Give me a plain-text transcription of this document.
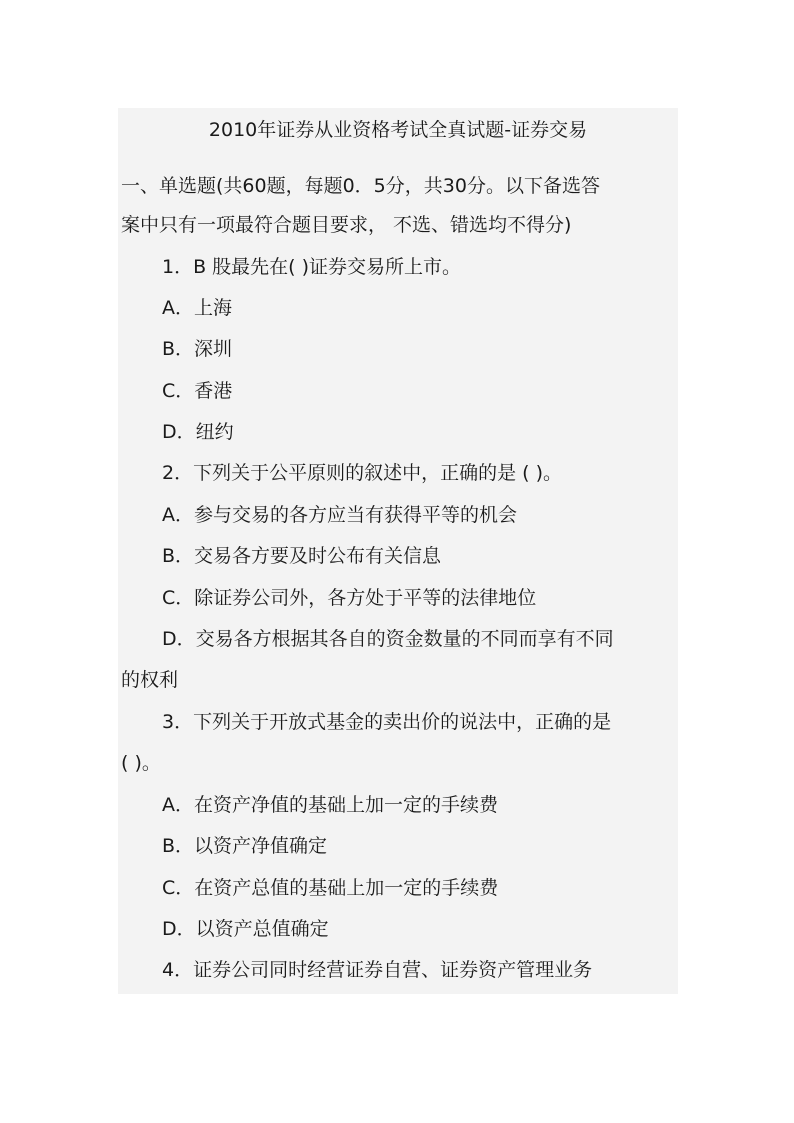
2010年证券从业资格考试全真试题-证券交易
一、单选题(共60题，每题0．5分，共30分。以下备选答
案中只有一项最符合题目要求， 不选、错选均不得分)
1．B 股最先在( )证券交易所上市。
A．上海
B．深圳
C．香港
D．纽约
2．下列关于公平原则的叙述中，正确的是 ( )。
A．参与交易的各方应当有获得平等的机会
B．交易各方要及时公布有关信息
C．除证券公司外，各方处于平等的法律地位
D．交易各方根据其各自的资金数量的不同而享有不同
的权利
3．下列关于开放式基金的卖出价的说法中，正确的是
( )。
A．在资产净值的基础上加一定的手续费
B．以资产净值确定
C．在资产总值的基础上加一定的手续费
D．以资产总值确定
4．证券公司同时经营证券自营、证券资产管理业务
